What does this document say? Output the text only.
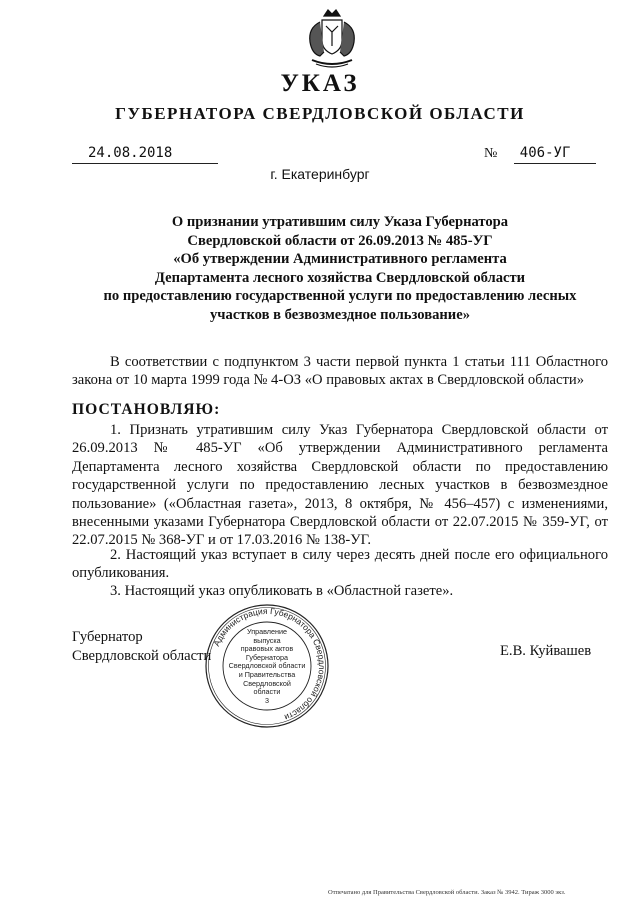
УКАЗ
ГУБЕРНАТОРА СВЕРДЛОВСКОЙ ОБЛАСТИ
24.08.2018	№ 406-УГ
г. Екатеринбург
О признании утратившим силу Указа Губернатора
Свердловской области от 26.09.2013 № 485-УГ
«Об утверждении Административного регламента
Департамента лесного хозяйства Свердловской области
по предоставлению государственной услуги по предоставлению лесных
участков в безвозмездное пользование»
В соответствии с подпунктом 3 части первой пункта 1 статьи 111 Областного закона от 10 марта 1999 года № 4-ОЗ «О правовых актах в Свердловской области»
ПОСТАНОВЛЯЮ:
1. Признать утратившим силу Указ Губернатора Свердловской области от 26.09.2013 № 485-УГ «Об утверждении Административного регламента Департамента лесного хозяйства Свердловской области по предоставлению государственной услуги по предоставлению лесных участков в безвозмездное пользование» («Областная газета», 2013, 8 октября, № 456–457) с изменениями, внесенными указами Губернатора Свердловской области от 22.07.2015 № 359-УГ, от 22.07.2015 № 368-УГ и от 17.03.2016 № 138-УГ.
2. Настоящий указ вступает в силу через десять дней после его официального опубликования.
3. Настоящий указ опубликовать в «Областной газете».
Губернатор
Свердловской области	Е.В. Куйвашев
Администрация Губернатора Свердловской области
Управление
выпуска
правовых актов
Губернатора
Свердловской области
и Правительства
Свердловской
области
3
Отпечатано для Правительства Свердловской области. Заказ № 3942. Тираж 3000 экз.
